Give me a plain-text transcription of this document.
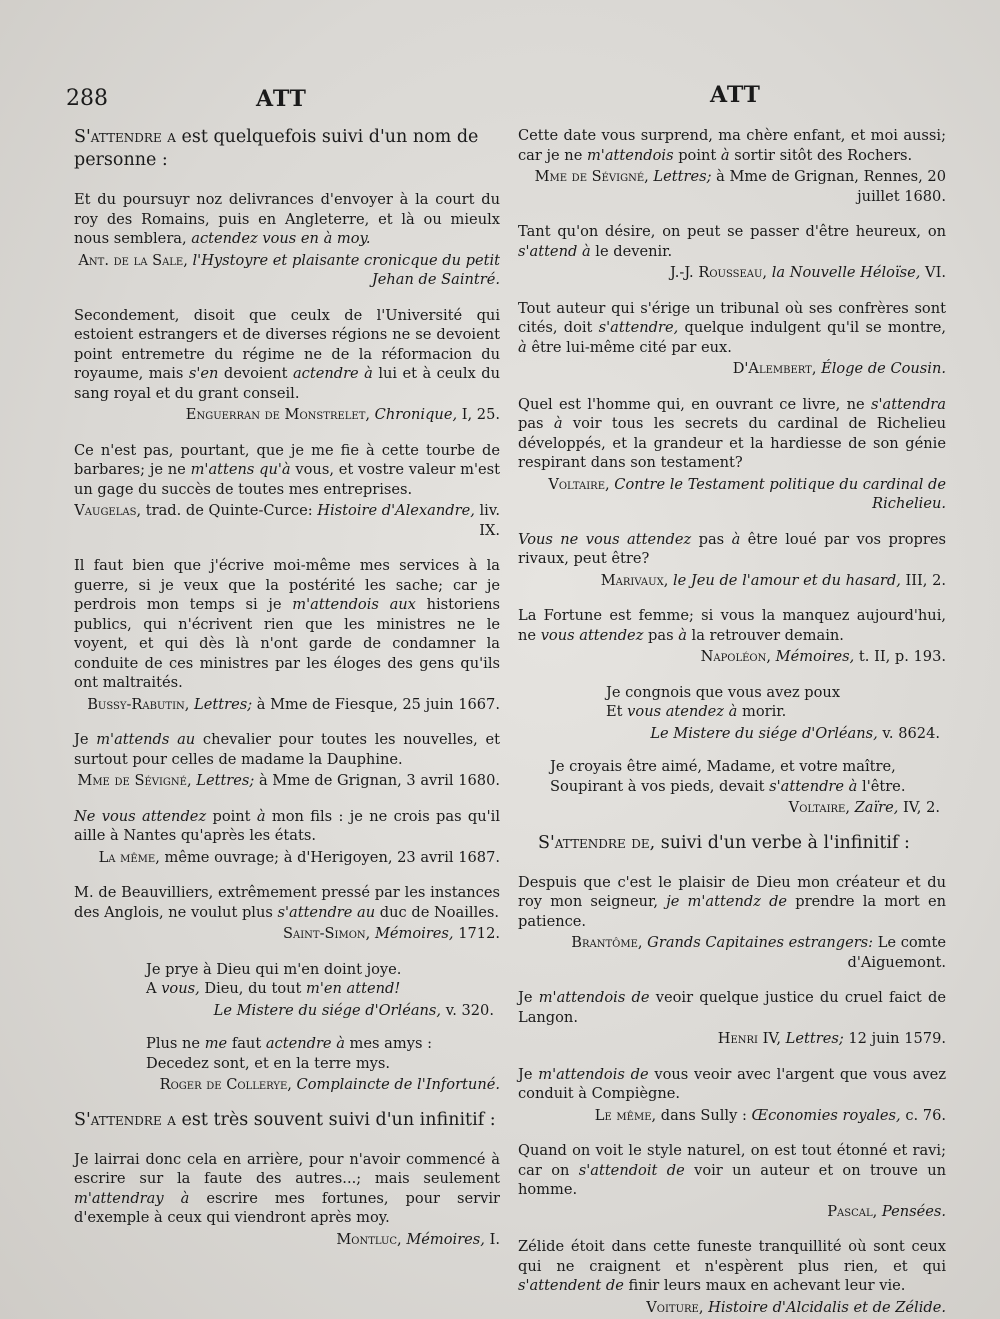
288	ATT	ATT

S'attendre a est quelquefois suivi d'un nom de personne :

Et du poursuyr noz delivrances d'envoyer à la court du roy des Romains, puis en Angleterre, et là ou mieulx nous semblera, actendez vous en à moy.

Ant. de la Sale, l'Hystoyre et plaisante cronicque du petit Jehan de Saintré.

Secondement, disoit que ceulx de l'Université qui estoient estrangers et de diverses régions ne se devoient point entremetre du régime ne de la réformacion du royaume, mais s'en devoient actendre à lui et à ceulx du sang royal et du grant conseil.

Enguerran de Monstrelet, Chronique, I, 25.

Ce n'est pas, pourtant, que je me fie à cette tourbe de barbares; je ne m'attens qu'à vous, et vostre valeur m'est un gage du succès de toutes mes entreprises.

Vaugelas, trad. de Quinte-Curce: Histoire d'Alexandre, liv. IX.

Il faut bien que j'écrive moi-même mes services à la guerre, si je veux que la postérité les sache; car je perdrois mon temps si je m'attendois aux historiens publics, qui n'écrivent rien que les ministres ne le voyent, et qui dès là n'ont garde de condamner la conduite de ces ministres par les éloges des gens qu'ils ont maltraités.

Bussy-Rabutin, Lettres; à Mme de Fiesque, 25 juin 1667.

Je m'attends au chevalier pour toutes les nouvelles, et surtout pour celles de madame la Dauphine.

Mme de Sévigné, Lettres; à Mme de Grignan, 3 avril 1680.

Ne vous attendez point à mon fils : je ne crois pas qu'il aille à Nantes qu'après les états.

La même, même ouvrage; à d'Herigoyen, 23 avril 1687.

M. de Beauvilliers, extrêmement pressé par les instances des Anglois, ne voulut plus s'attendre au duc de Noailles.

Saint-Simon, Mémoires, 1712.

Je prye à Dieu qui m'en doint joye.

A vous, Dieu, du tout m'en attend!

Le Mistere du siége d'Orléans, v. 320.

Plus ne me faut actendre à mes amys :

Decedez sont, et en la terre mys.

Roger de Collerye, Complaincte de l'Infortuné.

S'attendre a est très souvent suivi d'un infinitif :

Je lairrai donc cela en arrière, pour n'avoir commencé à escrire sur la faute des autres...; mais seulement m'attendray à escrire mes fortunes, pour servir d'exemple à ceux qui viendront après moy.

Montluc, Mémoires, I.

Cette date vous surprend, ma chère enfant, et moi aussi; car je ne m'attendois point à sortir sitôt des Rochers.

Mme de Sévigné, Lettres; à Mme de Grignan, Rennes, 20 juillet 1680.

Tant qu'on désire, on peut se passer d'être heureux, on s'attend à le devenir.

J.-J. Rousseau, la Nouvelle Héloïse, VI.

Tout auteur qui s'érige un tribunal où ses confrères sont cités, doit s'attendre, quelque indulgent qu'il se montre, à être lui-même cité par eux.

D'Alembert, Éloge de Cousin.

Quel est l'homme qui, en ouvrant ce livre, ne s'attendra pas à voir tous les secrets du cardinal de Richelieu développés, et la grandeur et la hardiesse de son génie respirant dans son testament?

Voltaire, Contre le Testament politique du cardinal de Richelieu.

Vous ne vous attendez pas à être loué par vos propres rivaux, peut être?

Marivaux, le Jeu de l'amour et du hasard, III, 2.

La Fortune est femme; si vous la manquez aujourd'hui, ne vous attendez pas à la retrouver demain.

Napoléon, Mémoires, t. II, p. 193.

Je congnois que vous avez poux

Et vous atendez à morir.

Le Mistere du siége d'Orléans, v. 8624.

Je croyais être aimé, Madame, et votre maître,

Soupirant à vos pieds, devait s'attendre à l'être.

Voltaire, Zaïre, IV, 2.

S'attendre de, suivi d'un verbe à l'infinitif :

Despuis que c'est le plaisir de Dieu mon créateur et du roy mon seigneur, je m'attendz de prendre la mort en patience.

Brantôme, Grands Capitaines estrangers: Le comte d'Aiguemont.

Je m'attendois de veoir quelque justice du cruel faict de Langon.

Henri IV, Lettres; 12 juin 1579.

Je m'attendois de vous veoir avec l'argent que vous avez conduit à Compiègne.

Le même, dans Sully : Œconomies royales, c. 76.

Quand on voit le style naturel, on est tout étonné et ravi; car on s'attendoit de voir un auteur et on trouve un homme.

Pascal, Pensées.

Zélide étoit dans cette funeste tranquillité où sont ceux qui ne craignent et n'espèrent plus rien, et qui s'attendent de finir leurs maux en achevant leur vie.

Voiture, Histoire d'Alcidalis et de Zélide.
